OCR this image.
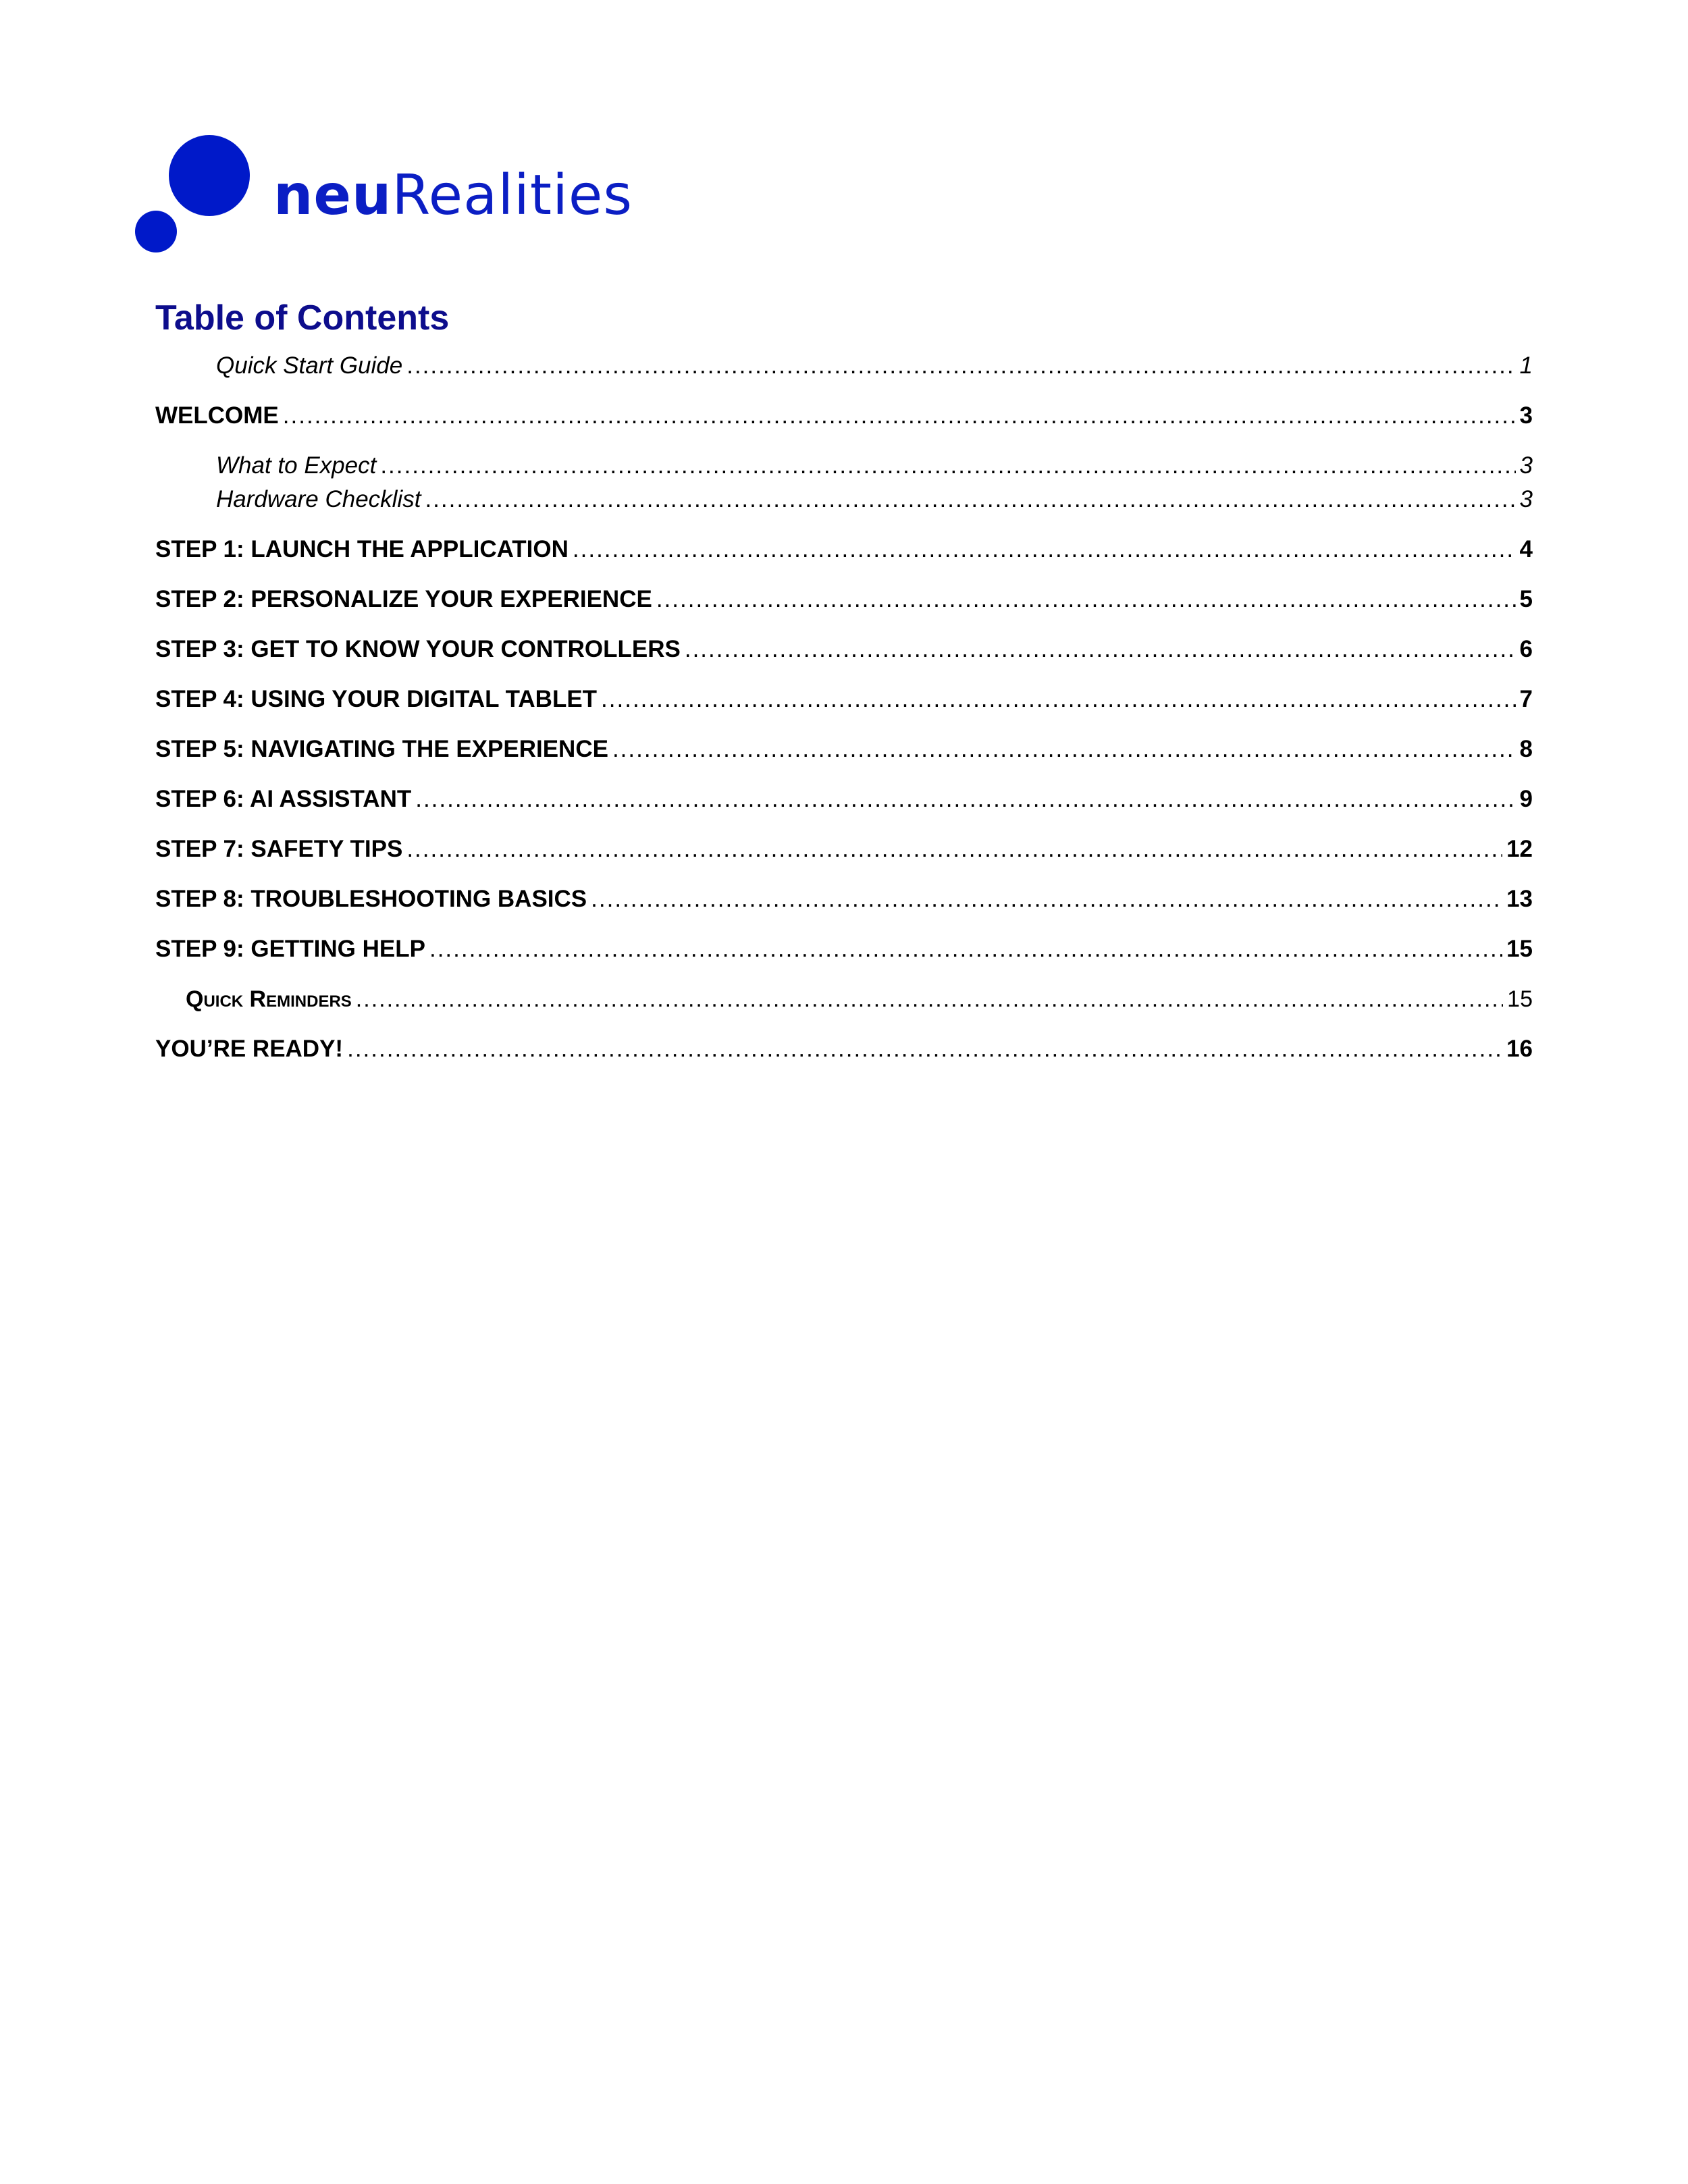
neuRealities
Table of Contents
Quick Start Guide .....	1
WELCOME .....	3
What to Expect .....	3
Hardware Checklist .....	3
STEP 1: LAUNCH THE APPLICATION .....	4
STEP 2: PERSONALIZE YOUR EXPERIENCE .....	5
STEP 3: GET TO KNOW YOUR CONTROLLERS .....	6
STEP 4: USING YOUR DIGITAL TABLET .....	7
STEP 5: NAVIGATING THE EXPERIENCE .....	8
STEP 6: AI ASSISTANT .....	9
STEP 7: SAFETY TIPS .....	12
STEP 8: TROUBLESHOOTING BASICS .....	13
STEP 9: GETTING HELP .....	15
Quick Reminders .....	15
YOU’RE READY! .....	16
